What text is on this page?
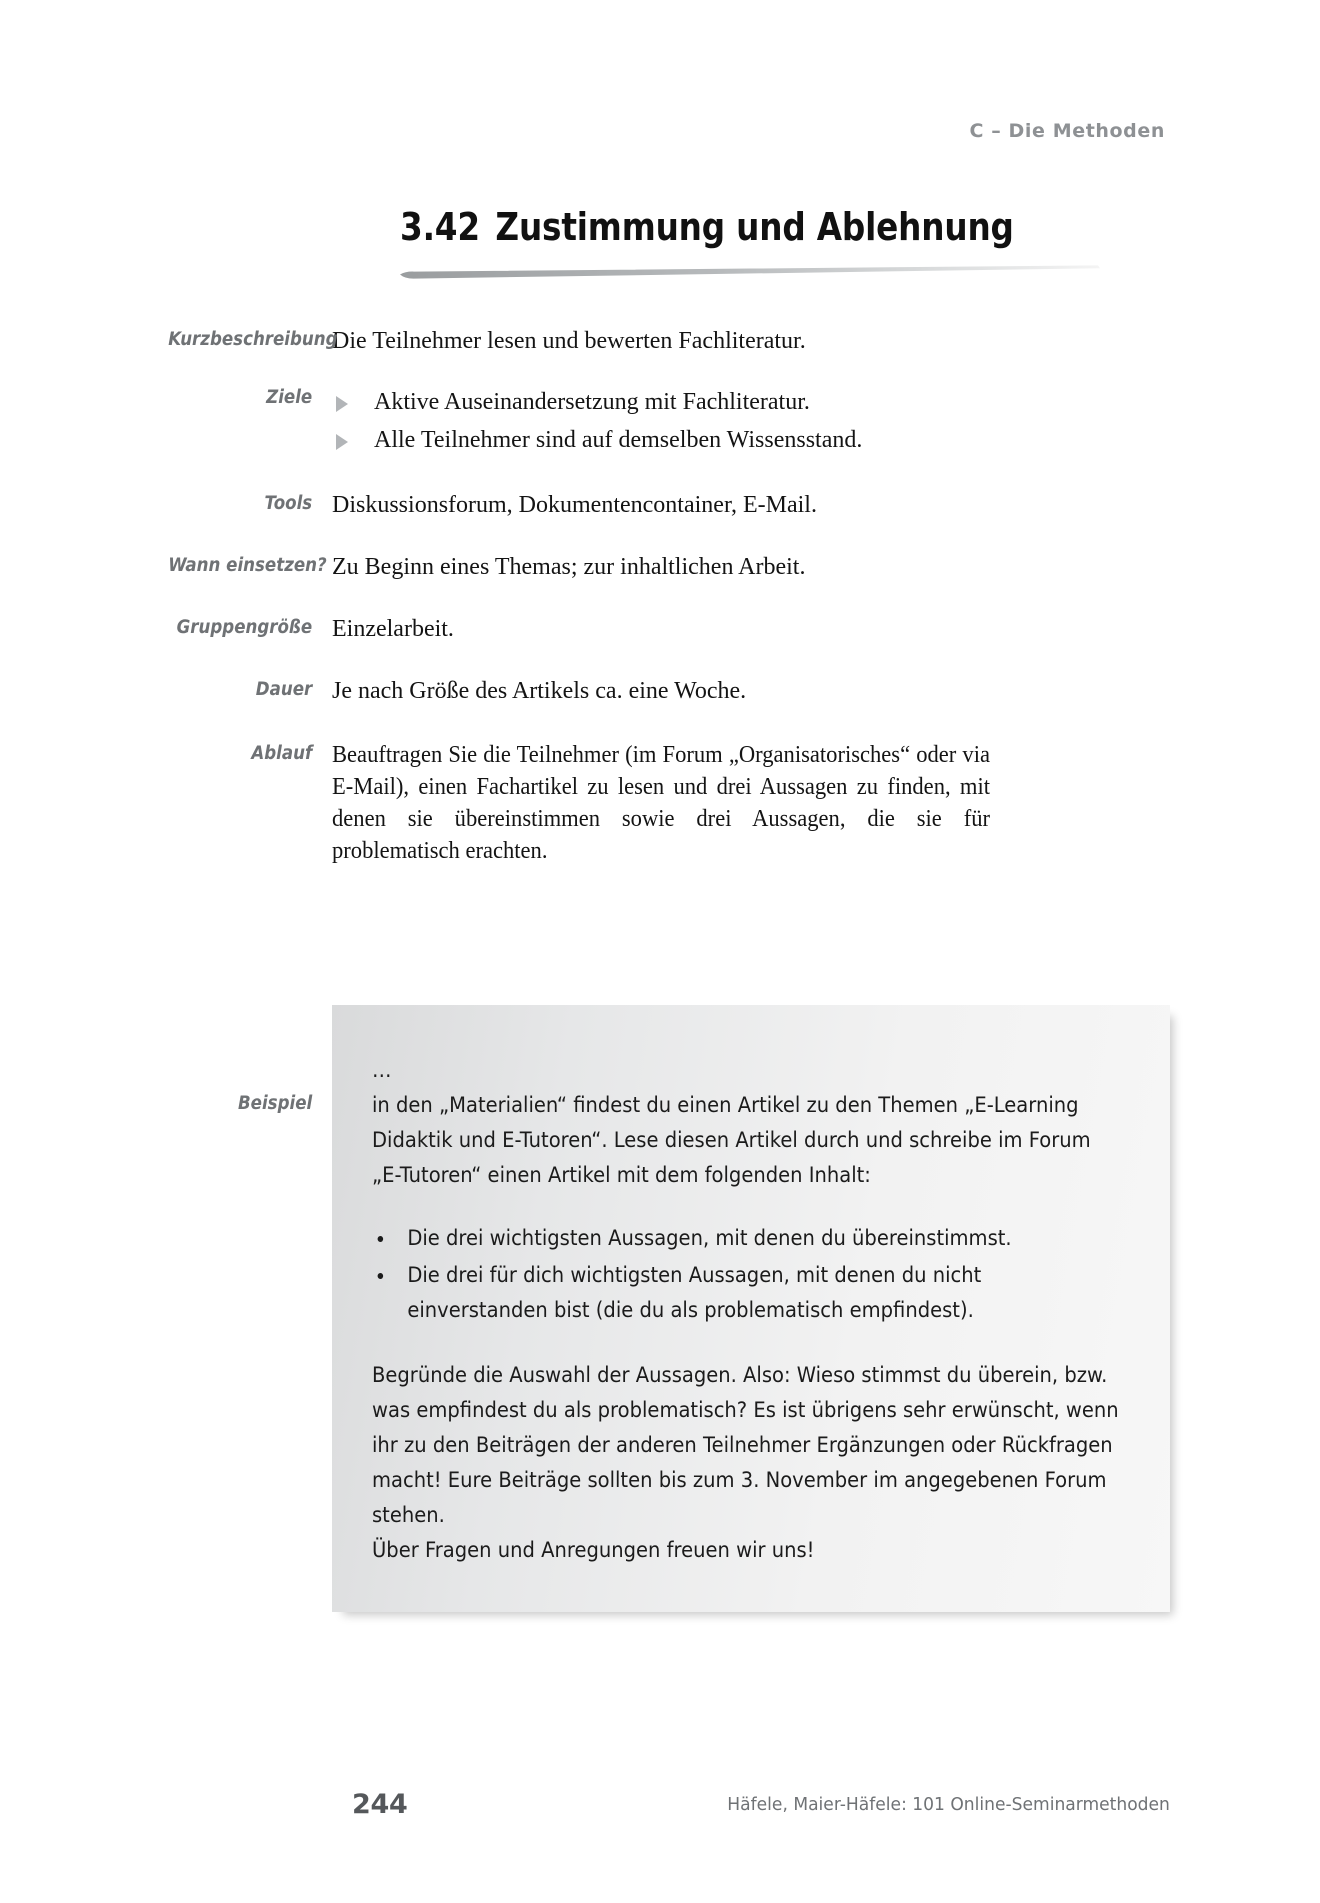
C – Die Methoden
3.42 Zustimmung und Ablehnung
Kurzbeschreibung

Die Teilnehmer lesen und bewerten Fachliteratur.

Ziele	Aktive Auseinandersetzung mit Fachliteratur.
Alle Teilnehmer sind auf demselben Wissensstand.
Tools Diskussionsforum, Dokumentencontainer, E-Mail.

Wann einsetzen? Zu Beginn eines Themas; zur inhaltlichen Arbeit.

Gruppengröße Einzelarbeit.

Dauer Je nach Größe des Artikels ca. eine Woche.

Ablauf Beauftragen Sie die Teilnehmer (im Forum „Organisatorisches“ oder via E-Mail), einen Fachartikel zu lesen und drei Aussagen zu finden, mit denen sie übereinstimmen sowie drei Aussagen, die sie für problematisch erachten.

Beispiel

…

in den „Materialien“ findest du einen Artikel zu den Themen „E-Learning Didaktik und E-Tutoren“. Lese diesen Artikel durch und schreibe im Forum „E-Tutoren“ einen Artikel mit dem folgenden Inhalt:

Die drei wichtigsten Aussagen, mit denen du übereinstimmst.
Die drei für dich wichtigsten Aussagen, mit denen du nicht einverstanden bist (die du als problematisch empfindest).

Begründe die Auswahl der Aussagen. Also: Wieso stimmst du überein, bzw. was empfindest du als problematisch? Es ist übrigens sehr erwünscht, wenn ihr zu den Beiträgen der anderen Teilnehmer Ergänzungen oder Rückfragen macht! Eure Beiträge sollten bis zum 3. November im angegebenen Forum stehen.

Über Fragen und Anregungen freuen wir uns!

244	Häfele, Maier-Häfele: 101 Online-Seminarmethoden
